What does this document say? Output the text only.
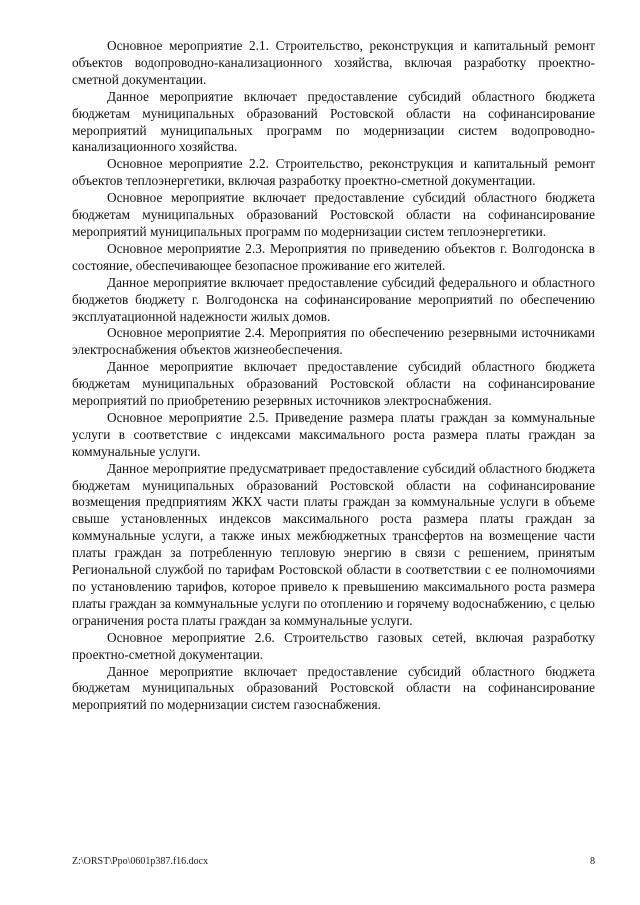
Основное мероприятие 2.1. Строительство, реконструкция и капитальный ремонт объектов водопроводно-канализационного хозяйства, включая разработку проектно-сметной документации.

Данное мероприятие включает предоставление субсидий областного бюджета бюджетам муниципальных образований Ростовской области на софинансирование мероприятий муниципальных программ по модернизации систем водопроводно-канализационного хозяйства.

Основное мероприятие 2.2. Строительство, реконструкция и капитальный ремонт объектов теплоэнергетики, включая разработку проектно-сметной документации.

Основное мероприятие включает предоставление субсидий областного бюджета бюджетам муниципальных образований Ростовской области на софинансирование мероприятий муниципальных программ по модернизации систем теплоэнергетики.

Основное мероприятие 2.3. Мероприятия по приведению объектов г. Волгодонска в состояние, обеспечивающее безопасное проживание его жителей.

Данное мероприятие включает предоставление субсидий федерального и областного бюджетов бюджету г. Волгодонска на софинансирование мероприятий по обеспечению эксплуатационной надежности жилых домов.

Основное мероприятие 2.4. Мероприятия по обеспечению резервными источниками электроснабжения объектов жизнеобеспечения.

Данное мероприятие включает предоставление субсидий областного бюджета бюджетам муниципальных образований Ростовской области на софинансирование мероприятий по приобретению резервных источников электроснабжения.

Основное мероприятие 2.5. Приведение размера платы граждан за коммунальные услуги в соответствие с индексами максимального роста размера платы граждан за коммунальные услуги.

Данное мероприятие предусматривает предоставление субсидий областного бюджета бюджетам муниципальных образований Ростовской области на софинансирование возмещения предприятиям ЖКХ части платы граждан за коммунальные услуги в объеме свыше установленных индексов максимального роста размера платы граждан за коммунальные услуги, а также иных межбюджетных трансфертов на возмещение части платы граждан за потребленную тепловую энергию в связи с решением, принятым Региональной службой по тарифам Ростовской области в соответствии с ее полномочиями по установлению тарифов, которое привело к превышению максимального роста размера платы граждан за коммунальные услуги по отоплению и горячему водоснабжению, с целью ограничения роста платы граждан за коммунальные услуги.

Основное мероприятие 2.6. Строительство газовых сетей, включая разработку проектно-сметной документации.

Данное мероприятие включает предоставление субсидий областного бюджета бюджетам муниципальных образований Ростовской области на софинансирование мероприятий по модернизации систем газоснабжения.

Z:\ORST\Ppo\0601p387.f16.docx	8
